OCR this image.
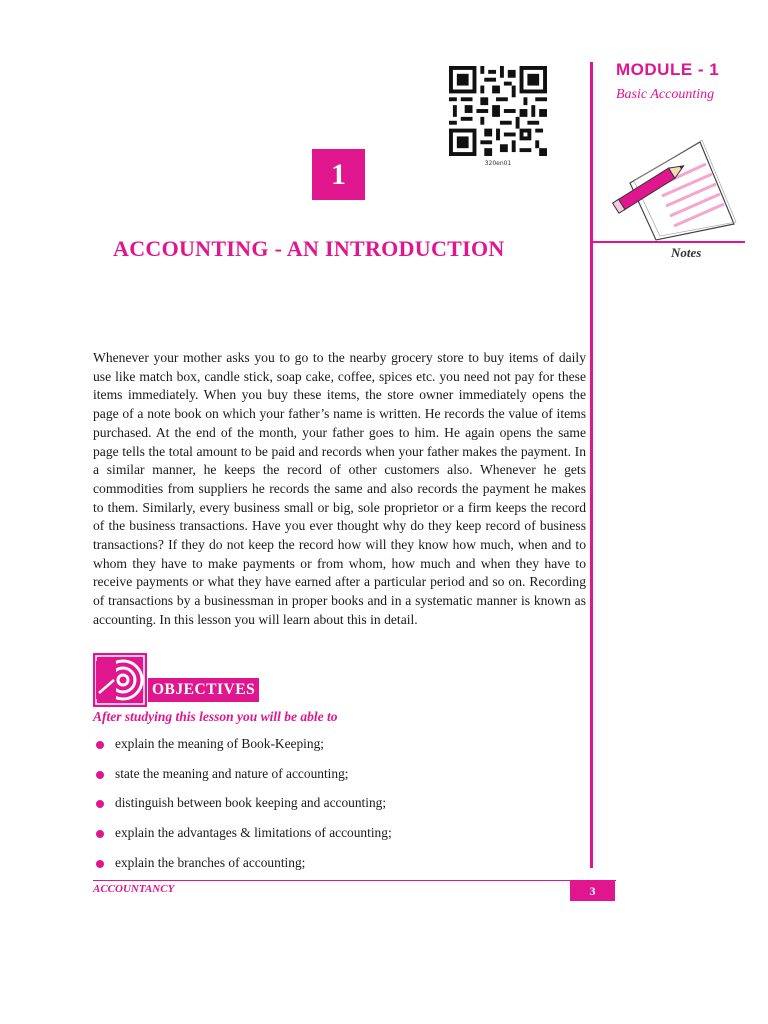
MODULE - 1
Basic Accounting
Notes
320en01
1
ACCOUNTING - AN INTRODUCTION

Whenever your mother asks you to go to the nearby grocery store to buy items of daily use like match box, candle stick, soap cake, coffee, spices etc. you need not pay for these items immediately. When you buy these items, the store owner immediately opens the page of a note book on which your father’s name is written. He records the value of items purchased. At the end of the month, your father goes to him. He again opens the same page tells the total amount to be paid and records when your father makes the payment. In a similar manner, he keeps the record of other customers also. Whenever he gets commodities from suppliers he records the same and also records the payment he makes to them. Similarly, every business small or big, sole proprietor or a firm keeps the record of the business transactions. Have you ever thought why do they keep record of business transactions? If they do not keep the record how will they know how much, when and to whom they have to make payments or from whom, how much and when they have to receive payments or what they have earned after a particular period and so on. Recording of transactions by a businessman in proper books and in a systematic manner is known as accounting. In this lesson you will learn about this in detail.

OBJECTIVES
After studying this lesson you will be able to
explain the meaning of Book-Keeping;
state the meaning and nature of accounting;
distinguish between book keeping and accounting;
explain the advantages & limitations of accounting;
explain the branches of accounting;
ACCOUNTANCY	3
